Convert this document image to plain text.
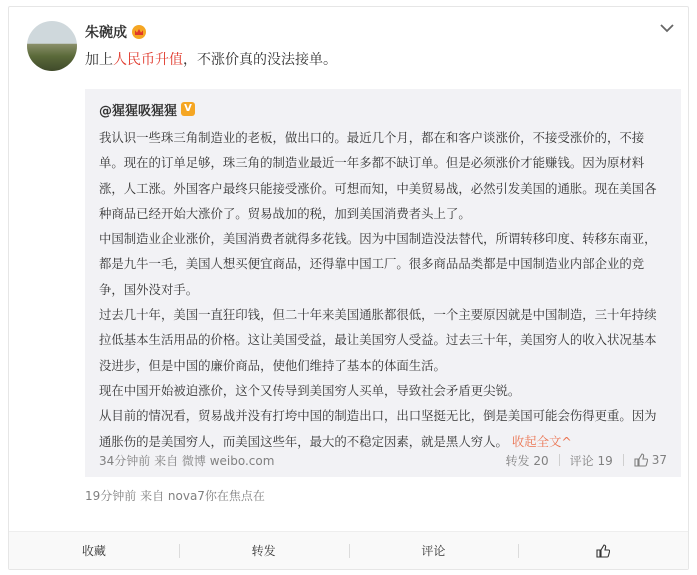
朱碗成
加上人民币升值，不涨价真的没法接单。
@猩猩吸猩猩 V
我认识一些珠三角制造业的老板，做出口的。最近几个月，都在和客户谈涨价，不接受涨价的，不接单。现在的订单足够，珠三角的制造业最近一年多都不缺订单。但是必须涨价才能赚钱。因为原材料涨，人工涨。外国客户最终只能接受涨价。可想而知，中美贸易战，必然引发美国的通胀。现在美国各种商品已经开始大涨价了。贸易战加的税，加到美国消费者头上了。
中国制造业企业涨价，美国消费者就得多花钱。因为中国制造没法替代，所谓转移印度、转移东南亚，都是九牛一毛，美国人想买便宜商品，还得靠中国工厂。很多商品品类都是中国制造业内部企业的竞争，国外没对手。
过去几十年，美国一直狂印钱，但二十年来美国通胀都很低，一个主要原因就是中国制造，三十年持续拉低基本生活用品的价格。这让美国受益，最让美国穷人受益。过去三十年，美国穷人的收入状况基本没进步，但是中国的廉价商品，使他们维持了基本的体面生活。
现在中国开始被迫涨价，这个又传导到美国穷人买单，导致社会矛盾更尖锐。
从目前的情况看，贸易战并没有打垮中国的制造出口，出口坚挺无比，倒是美国可能会伤得更重。因为通胀伤的是美国穷人，而美国这些年，最大的不稳定因素，就是黑人穷人。 收起全文^
34分钟前 来自 微博 weibo.com	转发 20 评论 19	37
19分钟前 来自 nova7你在焦点在
收藏	转发	评论
